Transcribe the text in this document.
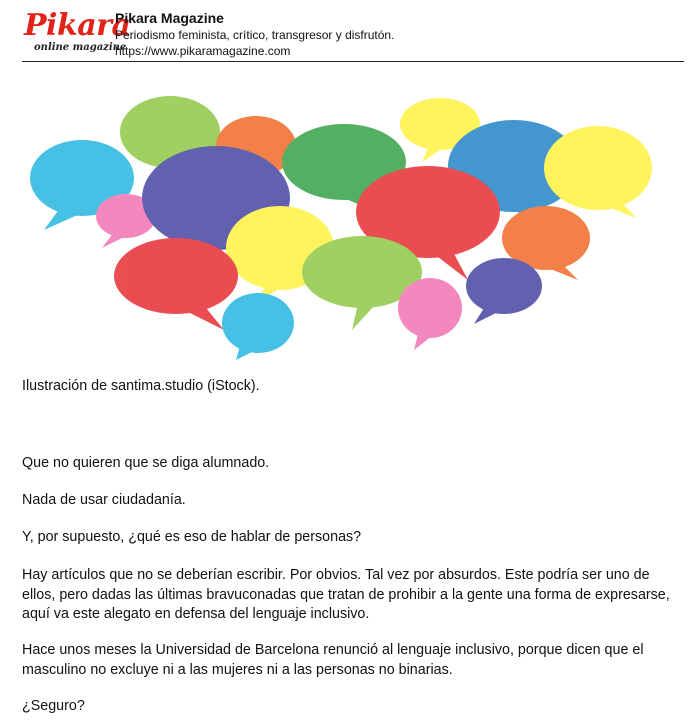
Pikara
online magazine
Pikara Magazine
Periodismo feminista, crítico, transgresor y disfrutón.
https://www.pikaramagazine.com

Ilustración de santima.studio (iStock).

Que no quieren que se diga alumnado.

Nada de usar ciudadanía.

Y, por supuesto, ¿qué es eso de hablar de personas?

Hay artículos que no se deberían escribir. Por obvios. Tal vez por absurdos. Este podría ser uno de ellos, pero dadas las últimas bravuconadas que tratan de prohibir a la gente una forma de expresarse, aquí va este alegato en defensa del lenguaje inclusivo.

Hace unos meses la Universidad de Barcelona renunció al lenguaje inclusivo, porque dicen que el masculino no excluye ni a las mujeres ni a las personas no binarias.

¿Seguro?
